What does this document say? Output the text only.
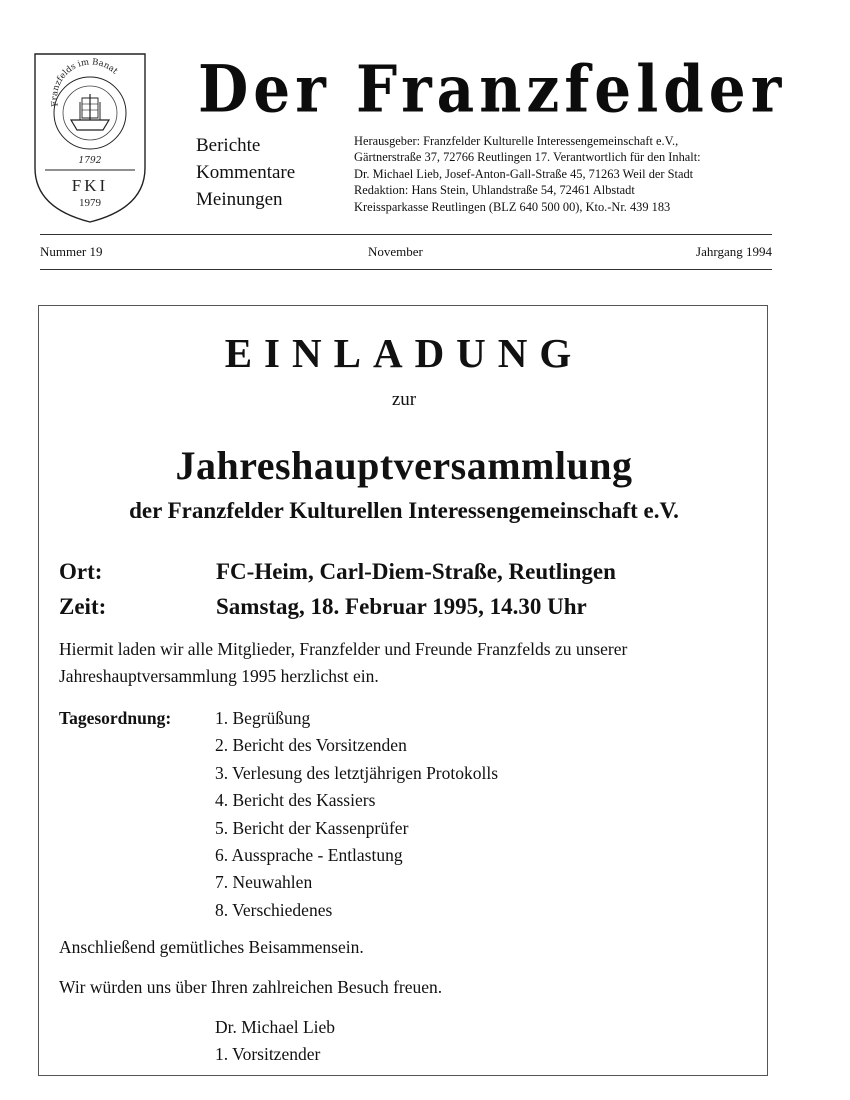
Franzfelds im Banat
1792
FKI
1979
Der Franzfelder
Berichte
Kommentare
Meinungen
Herausgeber: Franzfelder Kulturelle Interessengemeinschaft e.V.,
Gärtnerstraße 37, 72766 Reutlingen 17. Verantwortlich für den Inhalt:
Dr. Michael Lieb, Josef-Anton-Gall-Straße 45, 71263 Weil der Stadt
Redaktion: Hans Stein, Uhlandstraße 54, 72461 Albstadt
Kreissparkasse Reutlingen (BLZ 640 500 00), Kto.-Nr. 439 183
Nummer 19	November	Jahrgang 1994
EINLADUNG
zur
Jahreshauptversammlung
der Franzfelder Kulturellen Interessengemeinschaft e.V.
Ort:	FC-Heim, Carl-Diem-Straße, Reutlingen
Zeit:	Samstag, 18. Februar 1995, 14.30 Uhr
Hiermit laden wir alle Mitglieder, Franzfelder und Freunde Franzfelds zu unserer Jahreshauptversammlung 1995 herzlichst ein.
Tagesordnung:	1. Begrüßung
2. Bericht des Vorsitzenden
3. Verlesung des letztjährigen Protokolls
4. Bericht des Kassiers
5. Bericht der Kassenprüfer
6. Aussprache - Entlastung
7. Neuwahlen
8. Verschiedenes
Anschließend gemütliches Beisammensein.
Wir würden uns über Ihren zahlreichen Besuch freuen.
Dr. Michael Lieb
1. Vorsitzender
